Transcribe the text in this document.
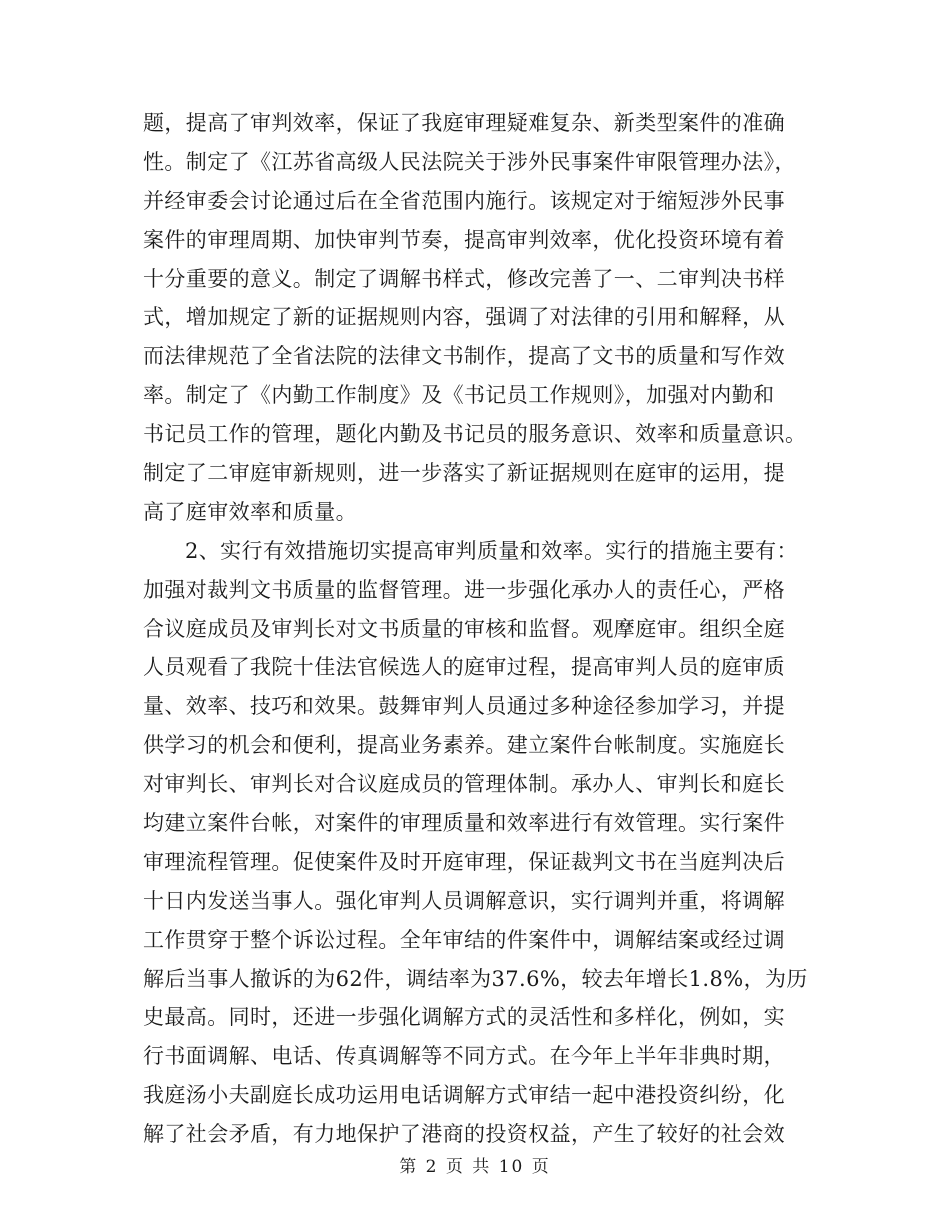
题，提高了审判效率，保证了我庭审理疑难复杂、新类型案件的准确
性。制定了《江苏省高级人民法院关于涉外民事案件审限管理办法》，
并经审委会讨论通过后在全省范围内施行。该规定对于缩短涉外民事
案件的审理周期、加快审判节奏，提高审判效率，优化投资环境有着
十分重要的意义。制定了调解书样式，修改完善了一、二审判决书样
式，增加规定了新的证据规则内容，强调了对法律的引用和解释，从
而法律规范了全省法院的法律文书制作，提高了文书的质量和写作效
率。制定了《内勤工作制度》及《书记员工作规则》，加强对内勤和
书记员工作的管理，题化内勤及书记员的服务意识、效率和质量意识。
制定了二审庭审新规则，进一步落实了新证据规则在庭审的运用，提
高了庭审效率和质量。
2、实行有效措施切实提高审判质量和效率。实行的措施主要有：
加强对裁判文书质量的监督管理。进一步强化承办人的责任心，严格
合议庭成员及审判长对文书质量的审核和监督。观摩庭审。组织全庭
人员观看了我院十佳法官候选人的庭审过程，提高审判人员的庭审质
量、效率、技巧和效果。鼓舞审判人员通过多种途径参加学习，并提
供学习的机会和便利，提高业务素养。建立案件台帐制度。实施庭长
对审判长、审判长对合议庭成员的管理体制。承办人、审判长和庭长
均建立案件台帐，对案件的审理质量和效率进行有效管理。实行案件
审理流程管理。促使案件及时开庭审理，保证裁判文书在当庭判决后
十日内发送当事人。强化审判人员调解意识，实行调判并重，将调解
工作贯穿于整个诉讼过程。全年审结的件案件中，调解结案或经过调
解后当事人撤诉的为62件，调结率为37.6%，较去年增长1.8%，为历
史最高。同时，还进一步强化调解方式的灵活性和多样化，例如，实
行书面调解、电话、传真调解等不同方式。在今年上半年非典时期，
我庭汤小夫副庭长成功运用电话调解方式审结一起中港投资纠纷，化
解了社会矛盾，有力地保护了港商的投资权益，产生了较好的社会效
第 2 页 共 10 页
